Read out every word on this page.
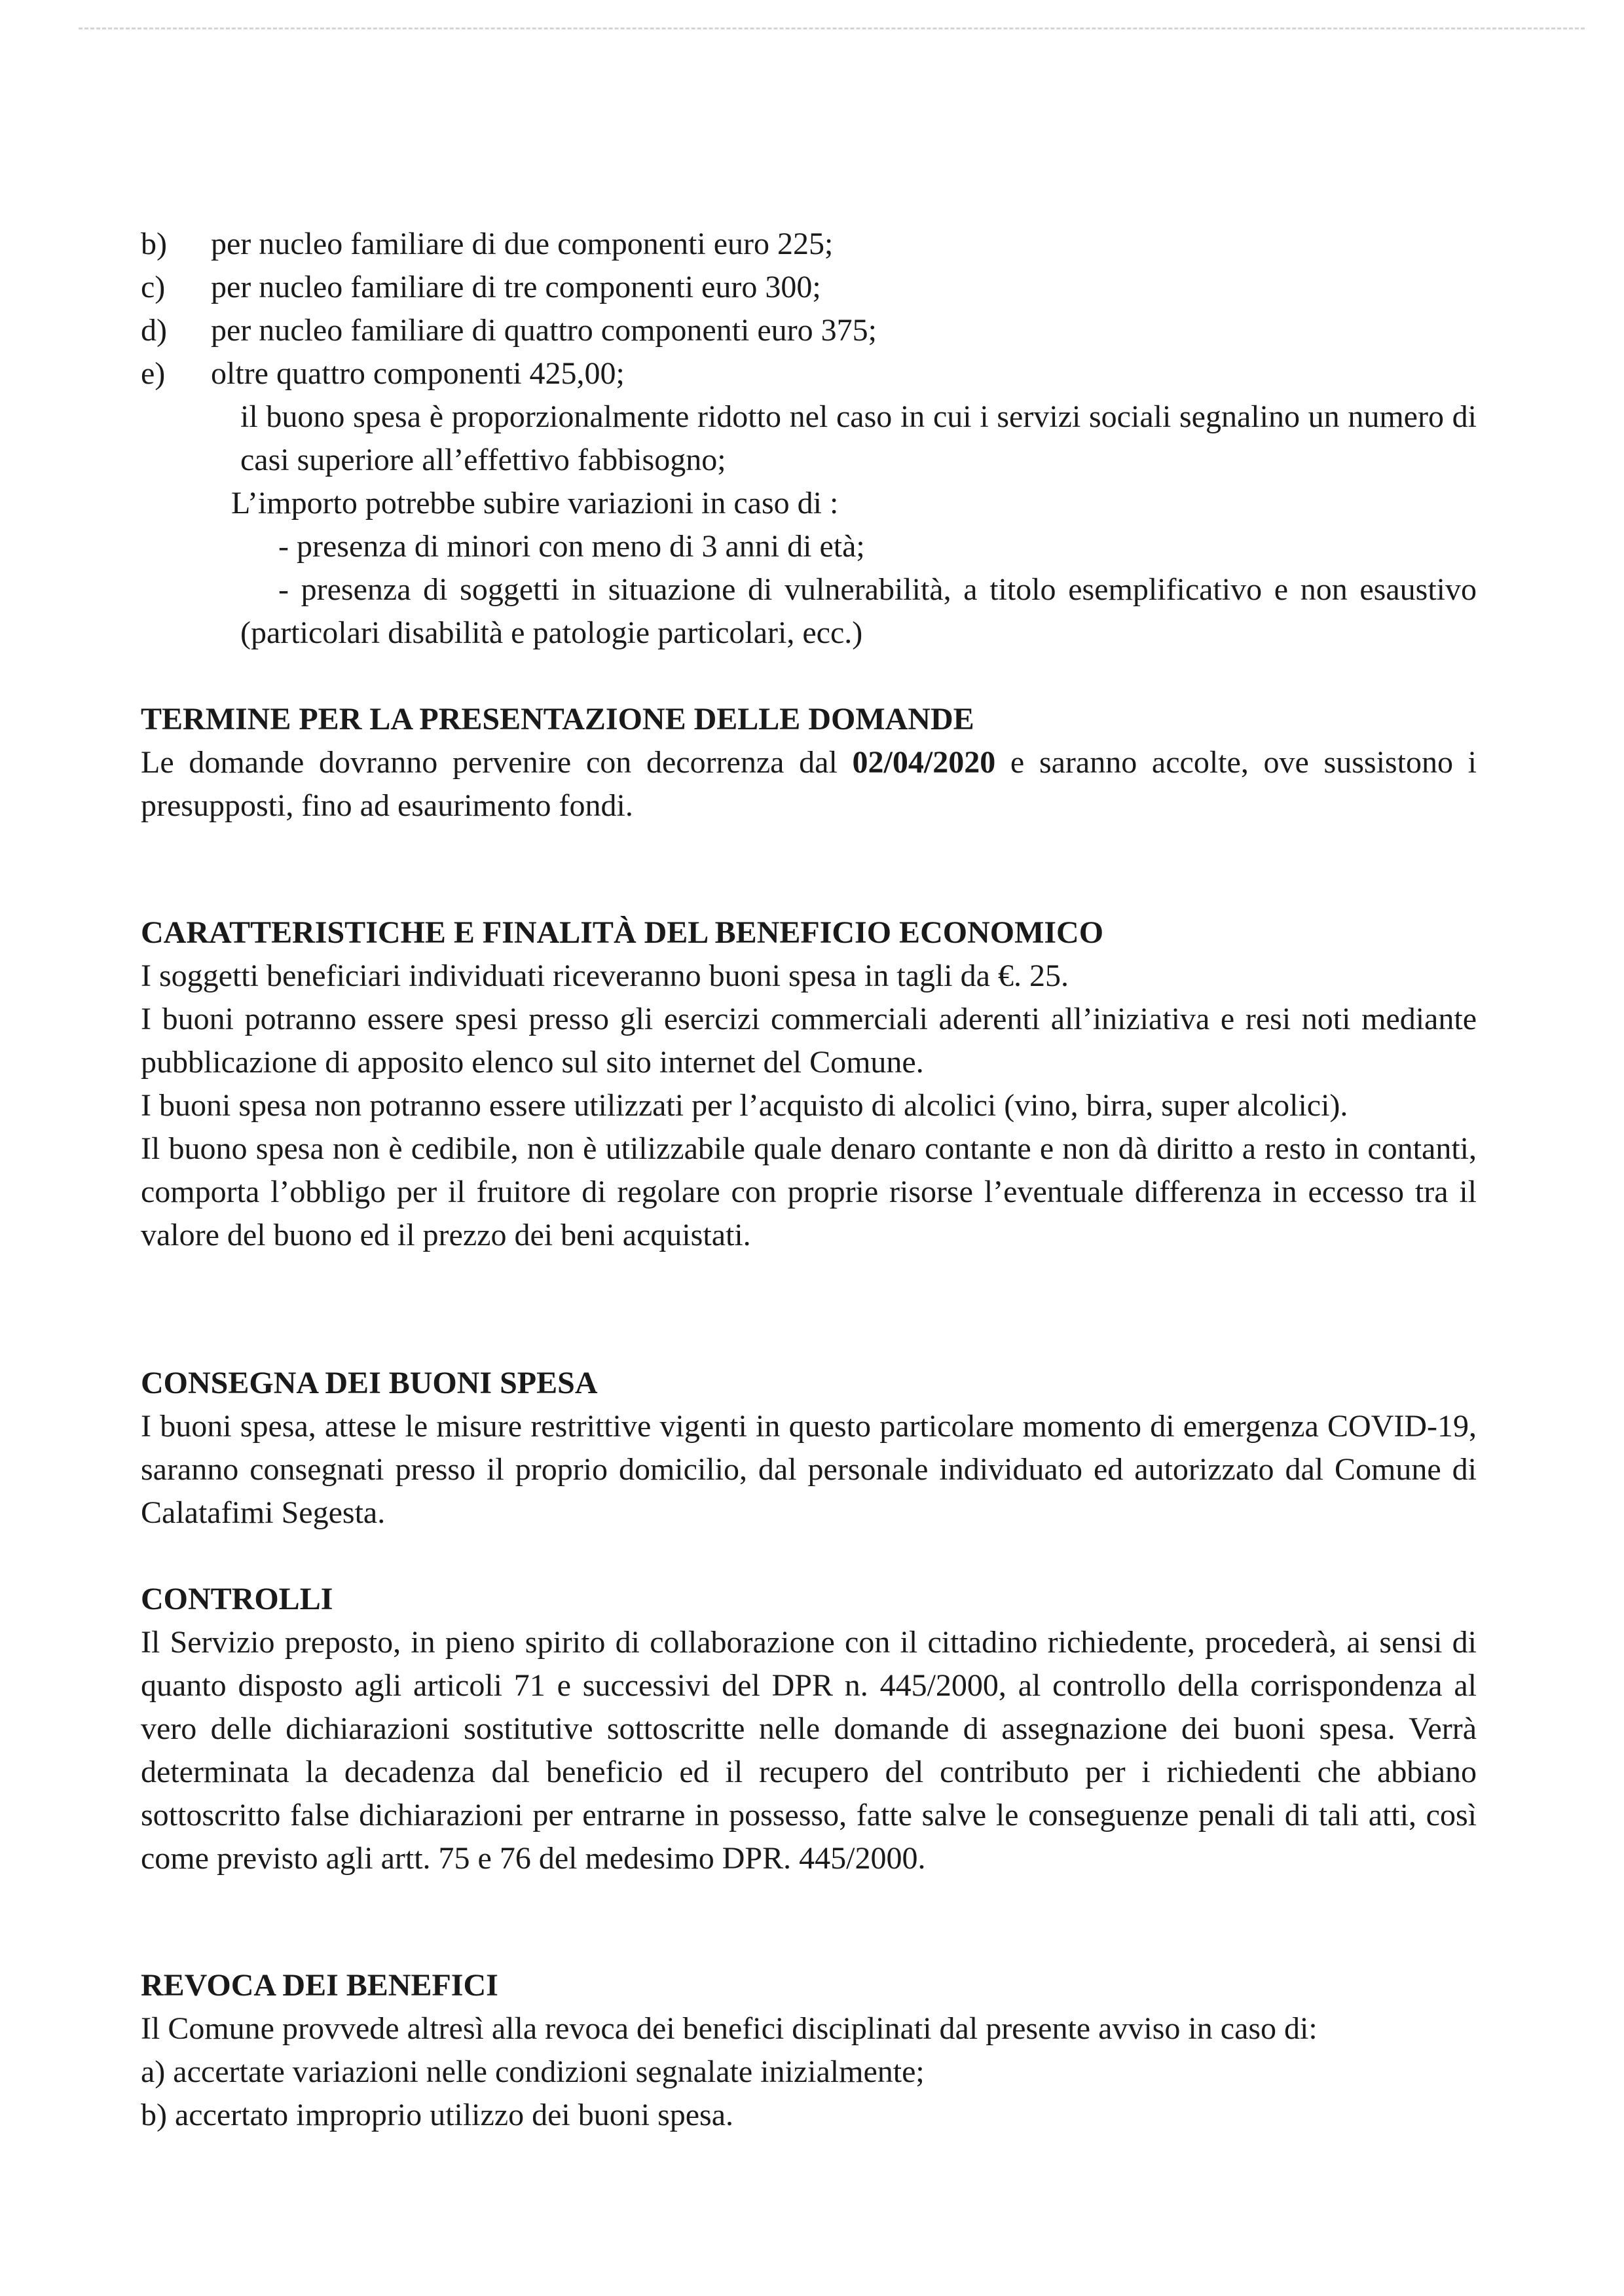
b)	per nucleo familiare di due componenti euro 225;
c)	per nucleo familiare di tre componenti euro 300;
d)	per nucleo familiare di quattro componenti euro 375;
e)	oltre quattro componenti 425,00;

il buono spesa è proporzionalmente ridotto nel caso in cui i servizi sociali segnalino un numero di casi superiore all’effettivo fabbisogno;

L’importo potrebbe subire variazioni in caso di :

- presenza di minori con meno di 3 anni di età;

- presenza di soggetti in situazione di vulnerabilità, a titolo esemplificativo e non esaustivo (particolari disabilità e patologie particolari, ecc.)

TERMINE PER LA PRESENTAZIONE DELLE DOMANDE

Le domande dovranno pervenire con decorrenza dal 02/04/2020 e saranno accolte, ove sussistono i presupposti, fino ad esaurimento fondi.

CARATTERISTICHE E FINALITÀ DEL BENEFICIO ECONOMICO

I soggetti beneficiari individuati riceveranno buoni spesa in tagli da €. 25.

I buoni potranno essere spesi presso gli esercizi commerciali aderenti all’iniziativa e resi noti mediante pubblicazione di apposito elenco sul sito internet del Comune.

I buoni spesa non potranno essere utilizzati per l’acquisto di alcolici (vino, birra, super alcolici).

Il buono spesa non è cedibile, non è utilizzabile quale denaro contante e non dà diritto a resto in contanti, comporta l’obbligo per il fruitore di regolare con proprie risorse l’eventuale differenza in eccesso tra il valore del buono ed il prezzo dei beni acquistati.

CONSEGNA DEI BUONI SPESA

I buoni spesa, attese le misure restrittive vigenti in questo particolare momento di emergenza COVID-19, saranno consegnati presso il proprio domicilio, dal personale individuato ed autorizzato dal Comune di Calatafimi Segesta.

CONTROLLI

Il Servizio preposto, in pieno spirito di collaborazione con il cittadino richiedente, procederà, ai sensi di quanto disposto agli articoli 71 e successivi del DPR n. 445/2000, al controllo della corrispondenza al vero delle dichiarazioni sostitutive sottoscritte nelle domande di assegnazione dei buoni spesa. Verrà determinata la decadenza dal beneficio ed il recupero del contributo per i richiedenti che abbiano sottoscritto false dichiarazioni per entrarne in possesso, fatte salve le conseguenze penali di tali atti, così come previsto agli artt. 75 e 76 del medesimo DPR. 445/2000.

REVOCA DEI BENEFICI

Il Comune provvede altresì alla revoca dei benefici disciplinati dal presente avviso in caso di:

a) accertate variazioni nelle condizioni segnalate inizialmente;

b) accertato improprio utilizzo dei buoni spesa.
